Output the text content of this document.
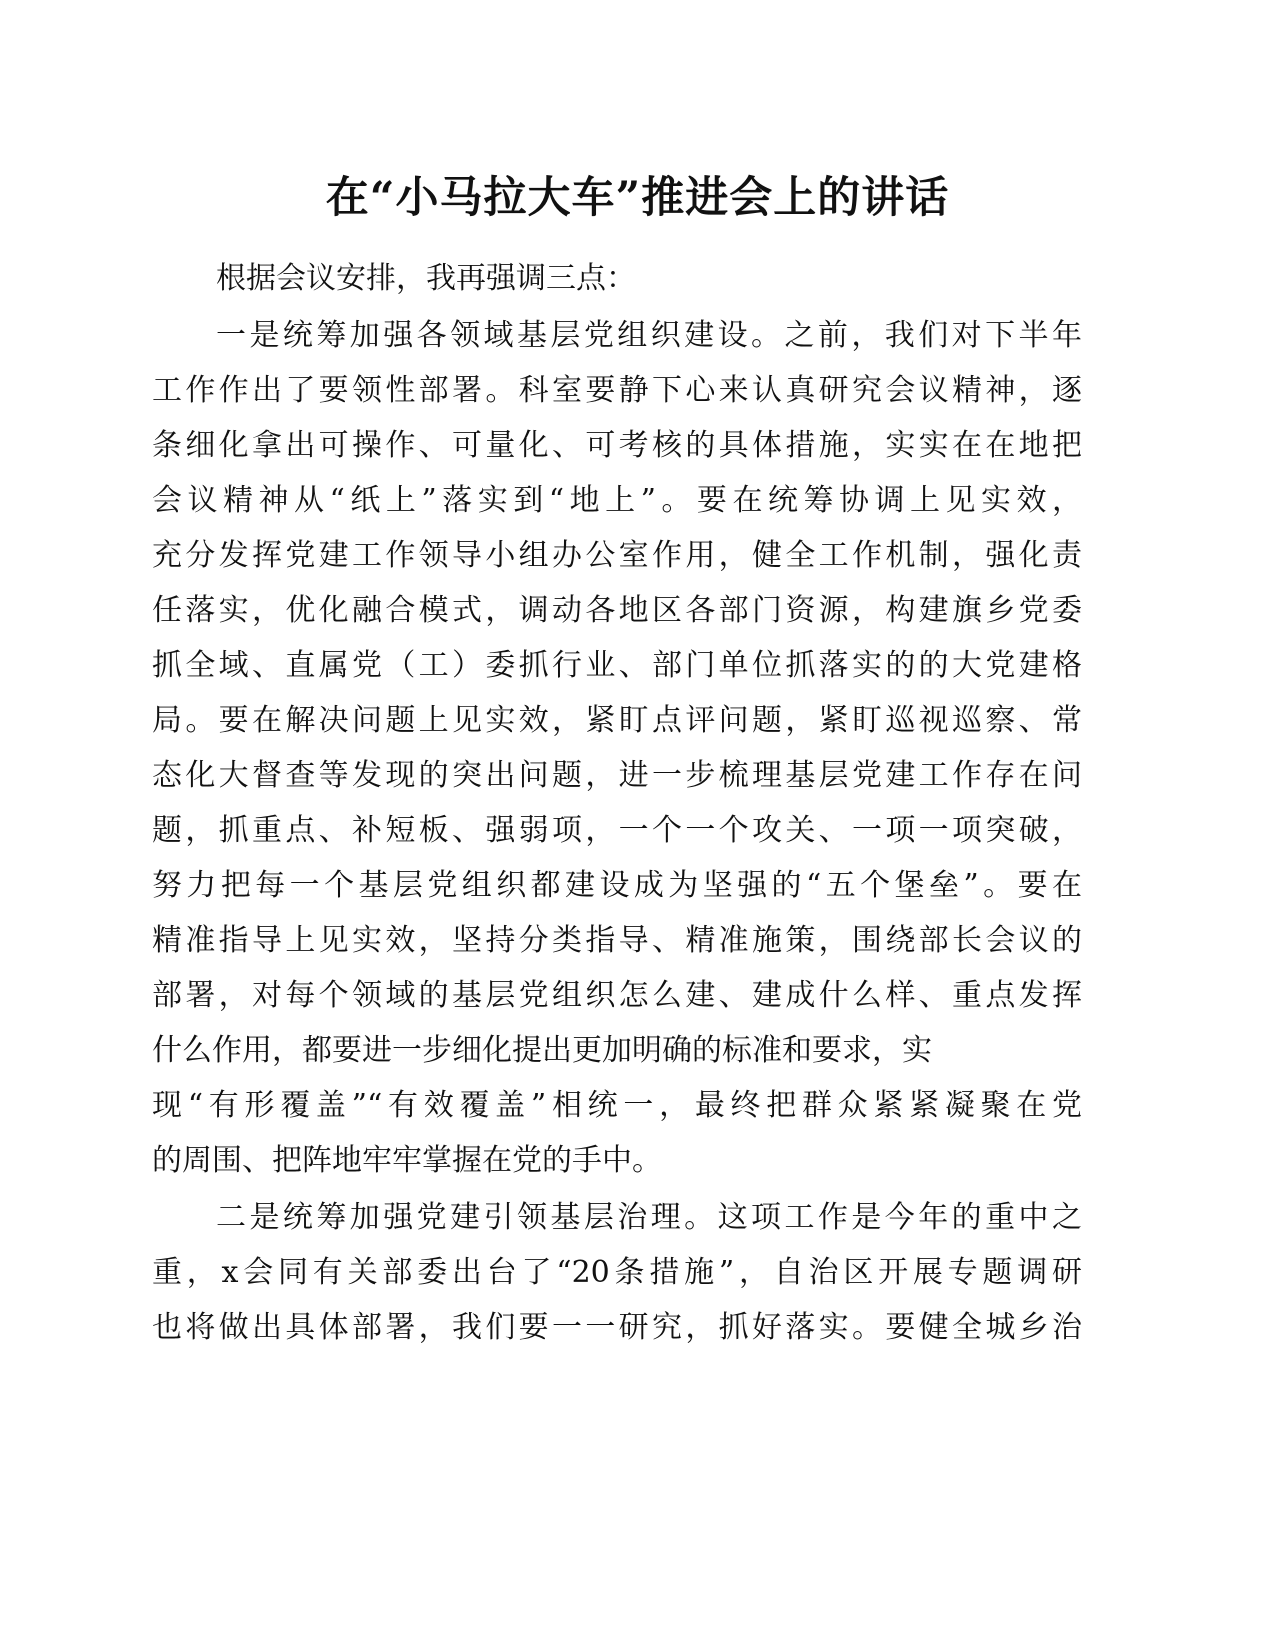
在“小马拉大车”推进会上的讲话
根据会议安排，我再强调三点：
一是统筹加强各领域基层党组织建设。之前，我们对下半年
工作作出了要领性部署。科室要静下心来认真研究会议精神，逐
条细化拿出可操作、可量化、可考核的具体措施，实实在在地把
会议精神从“纸上”落实到“地上”。要在统筹协调上见实效，
充分发挥党建工作领导小组办公室作用，健全工作机制，强化责
任落实，优化融合模式，调动各地区各部门资源，构建旗乡党委
抓全域、直属党（工）委抓行业、部门单位抓落实的的大党建格
局。要在解决问题上见实效，紧盯点评问题，紧盯巡视巡察、常
态化大督查等发现的突出问题，进一步梳理基层党建工作存在问
题，抓重点、补短板、强弱项，一个一个攻关、一项一项突破，
努力把每一个基层党组织都建设成为坚强的“五个堡垒”。要在
精准指导上见实效，坚持分类指导、精准施策，围绕部长会议的
部署，对每个领域的基层党组织怎么建、建成什么样、重点发挥
什么作用，都要进一步细化提出更加明确的标准和要求，实
现“有形覆盖”“有效覆盖”相统一，最终把群众紧紧凝聚在党
的周围、把阵地牢牢掌握在党的手中。
二是统筹加强党建引领基层治理。这项工作是今年的重中之
重，x会同有关部委出台了“20条措施”，自治区开展专题调研
也将做出具体部署，我们要一一研究，抓好落实。要健全城乡治
